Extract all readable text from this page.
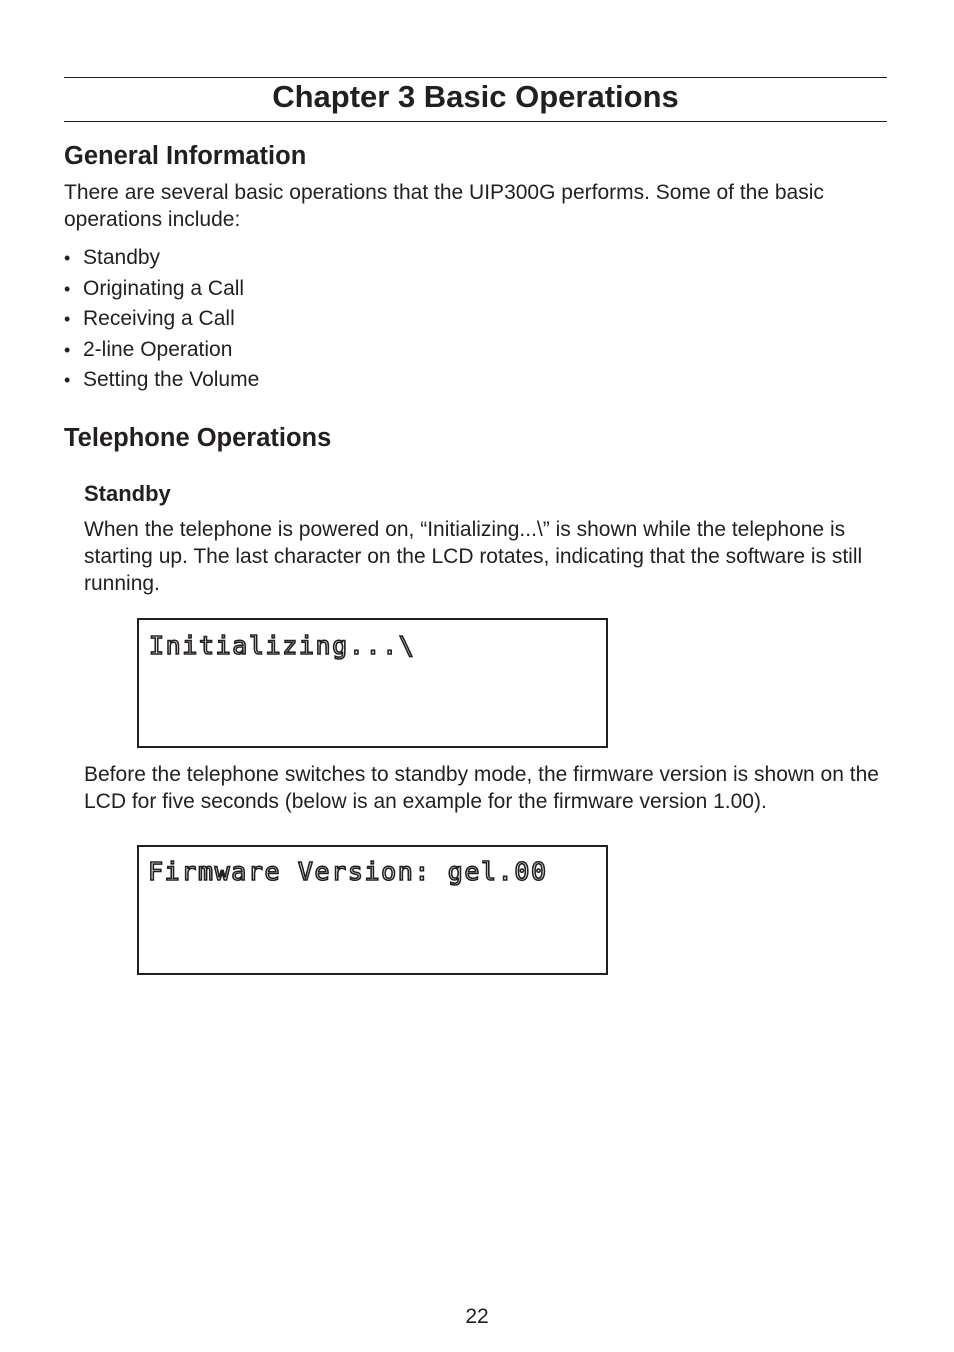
Chapter 3 Basic Operations
General Information

There are several basic operations that the UIP300G performs. Some of the basic operations include:

• Standby
• Originating a Call
• Receiving a Call
• 2-line Operation
• Setting the Volume
Telephone Operations
Standby

When the telephone is powered on, “Initializing...\” is shown while the telephone is starting up. The last character on the LCD rotates, indicating that the software is still running.

Initializing...\

Before the telephone switches to standby mode, the firmware version is shown on the LCD for five seconds (below is an example for the firmware version 1.00).

Firmware Version: gel.00

22
